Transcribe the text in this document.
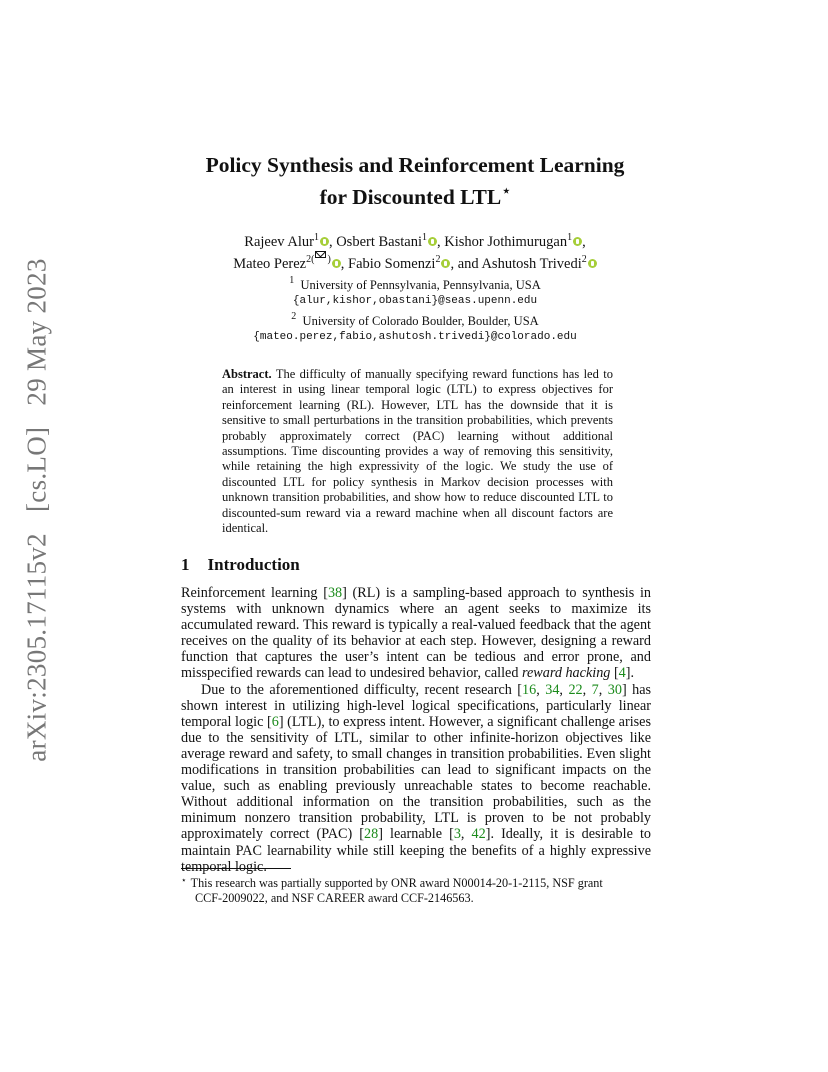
arXiv:2305.17115v2 [cs.LO] 29 May 2023
Policy Synthesis and Reinforcement Learning
for Discounted LTL⋆
Rajeev Alur$^1$ , Osbert Bastani$^1$ , Kishor Jothimurugan$^1$ ,
Mateo Perez$^{2( )}$ , Fabio Somenzi$^2$ , and Ashutosh Trivedi$^2$
$^1$ University of Pennsylvania, Pennsylvania, USA
{alur,kishor,obastani}@seas.upenn.edu
$^2$ University of Colorado Boulder, Boulder, USA
{mateo.perez,fabio,ashutosh.trivedi}@colorado.edu
Abstract. The difficulty of manually specifying reward functions has led to an interest in using linear temporal logic (LTL) to express objectives for reinforcement learning (RL). However, LTL has the downside that it is sensitive to small perturbations in the transition probabilities, which prevents probably approximately correct (PAC) learning without additional assumptions. Time discounting provides a way of removing this sensitivity, while retaining the high expressivity of the logic. We study the use of discounted LTL for policy synthesis in Markov decision processes with unknown transition probabilities, and show how to reduce discounted LTL to discounted-sum reward via a reward machine when all discount factors are identical.
1 Introduction

Reinforcement learning [38] (RL) is a sampling-based approach to synthesis in systems with unknown dynamics where an agent seeks to maximize its accumulated reward. This reward is typically a real-valued feedback that the agent receives on the quality of its behavior at each step. However, designing a reward function that captures the user’s intent can be tedious and error prone, and misspecified rewards can lead to undesired behavior, called reward hacking [4].

Due to the aforementioned difficulty, recent research [16, 34, 22, 7, 30] has shown interest in utilizing high-level logical specifications, particularly linear temporal logic [6] (LTL), to express intent. However, a significant challenge arises due to the sensitivity of LTL, similar to other infinite-horizon objectives like average reward and safety, to small changes in transition probabilities. Even slight modifications in transition probabilities can lead to significant impacts on the value, such as enabling previously unreachable states to become reachable. Without additional information on the transition probabilities, such as the minimum nonzero transition probability, LTL is proven to be not probably approximately correct (PAC) [28] learnable [3, 42]. Ideally, it is desirable to maintain PAC learnability while still keeping the benefits of a highly expressive temporal logic.

⋆ This research was partially supported by ONR award N00014-20-1-2115, NSF grant
CCF-2009022, and NSF CAREER award CCF-2146563.
